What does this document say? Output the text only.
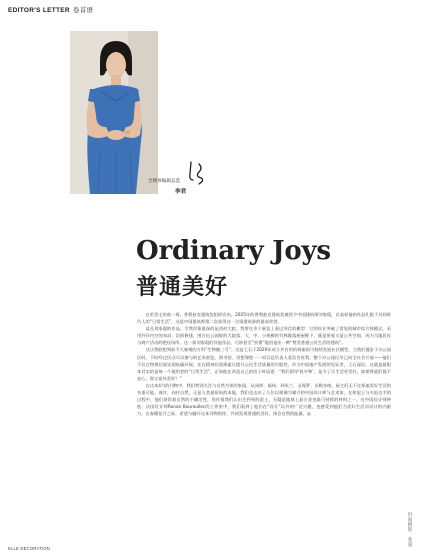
EDITOR'S LETTER 卷首语
全媒体编辑总监
李君
Ordinary Joys
普通美好

在更美宅的前一周，普利兹克建筑奖组织宣布，2025年的普利兹克建筑奖被授予中国建筑师刘家琨，以表彰他的作品扎根于其同时代人的“日常生活”，这是中国建筑师第二次获得这一全球建筑界的最高荣誉。

谈及刘家琨的作品，令我印象最深的是西村大院。我曾在多个展览上看过项目的模型：它的设计突破了常见的城市综合体模式，采用外环内空的布局，沿街修建，围合出公园般的大院落，大、中、小规模的竹林既落座屋檐下，既是景观又是公共空间，成为当地居民与商户活动的绝佳场所。这一如刘家琨的其他作品，巧妙甚至“狡猾”地回退出一种“赞美普通公民生活的建筑”。

这让我联想到前不久参观的万科“生物圈三号”。这是王石于2020年成立并启用的探索的可持续发展社区模型，当我们漫步于办公园区时，不时经过民众可以参与的艺术展览、图书馆、冥想课程⋯⋯项目总负责人姜浩告诉我，整个办公园区早已向全社会开放——他们不仅在物理层面实现低碳环保，还在精神层面探索让提升公民生活质量的可能性。作为中国地产发展的见证者，王石深谙，这就是最根本其实的是每一个使用者的“日常生活”，正如他在改造自己的房子时谈道：“我们倡导‘收中和’，是为了让生活更美好，如果将就们都不安心，那又谈何美好？”

在这本4月的刊物中，我们特别关注与自然为邻的家园，从深圳、福州、到米兰、圣保罗、贝勒多纳，屋主们无不在探索美好生活的多重可能。或许，向往自然，正是人类最原始的本能，我们也去访了几位以玻璃为媒介的中国设计师与艺术家，在和泥土与火焰交手的过程中，他们领悟着自然的不确定性，用作着我们认出生到死的泥土，无疑是地球上最古老也最可持续的材料之一。在中国设计师仲松、法国设计师Ronan Bouroullec的工作室中，我们看到了他们在“设计”以外的广泛兴趣，也感受到他们为美好生活而设计的内驱力。在春暖花开之际，希望与翻开这本刊物的你，共同发现普通的美好，体会自然的能量。◎

封面摄影：张超
ELLE DECORATION
